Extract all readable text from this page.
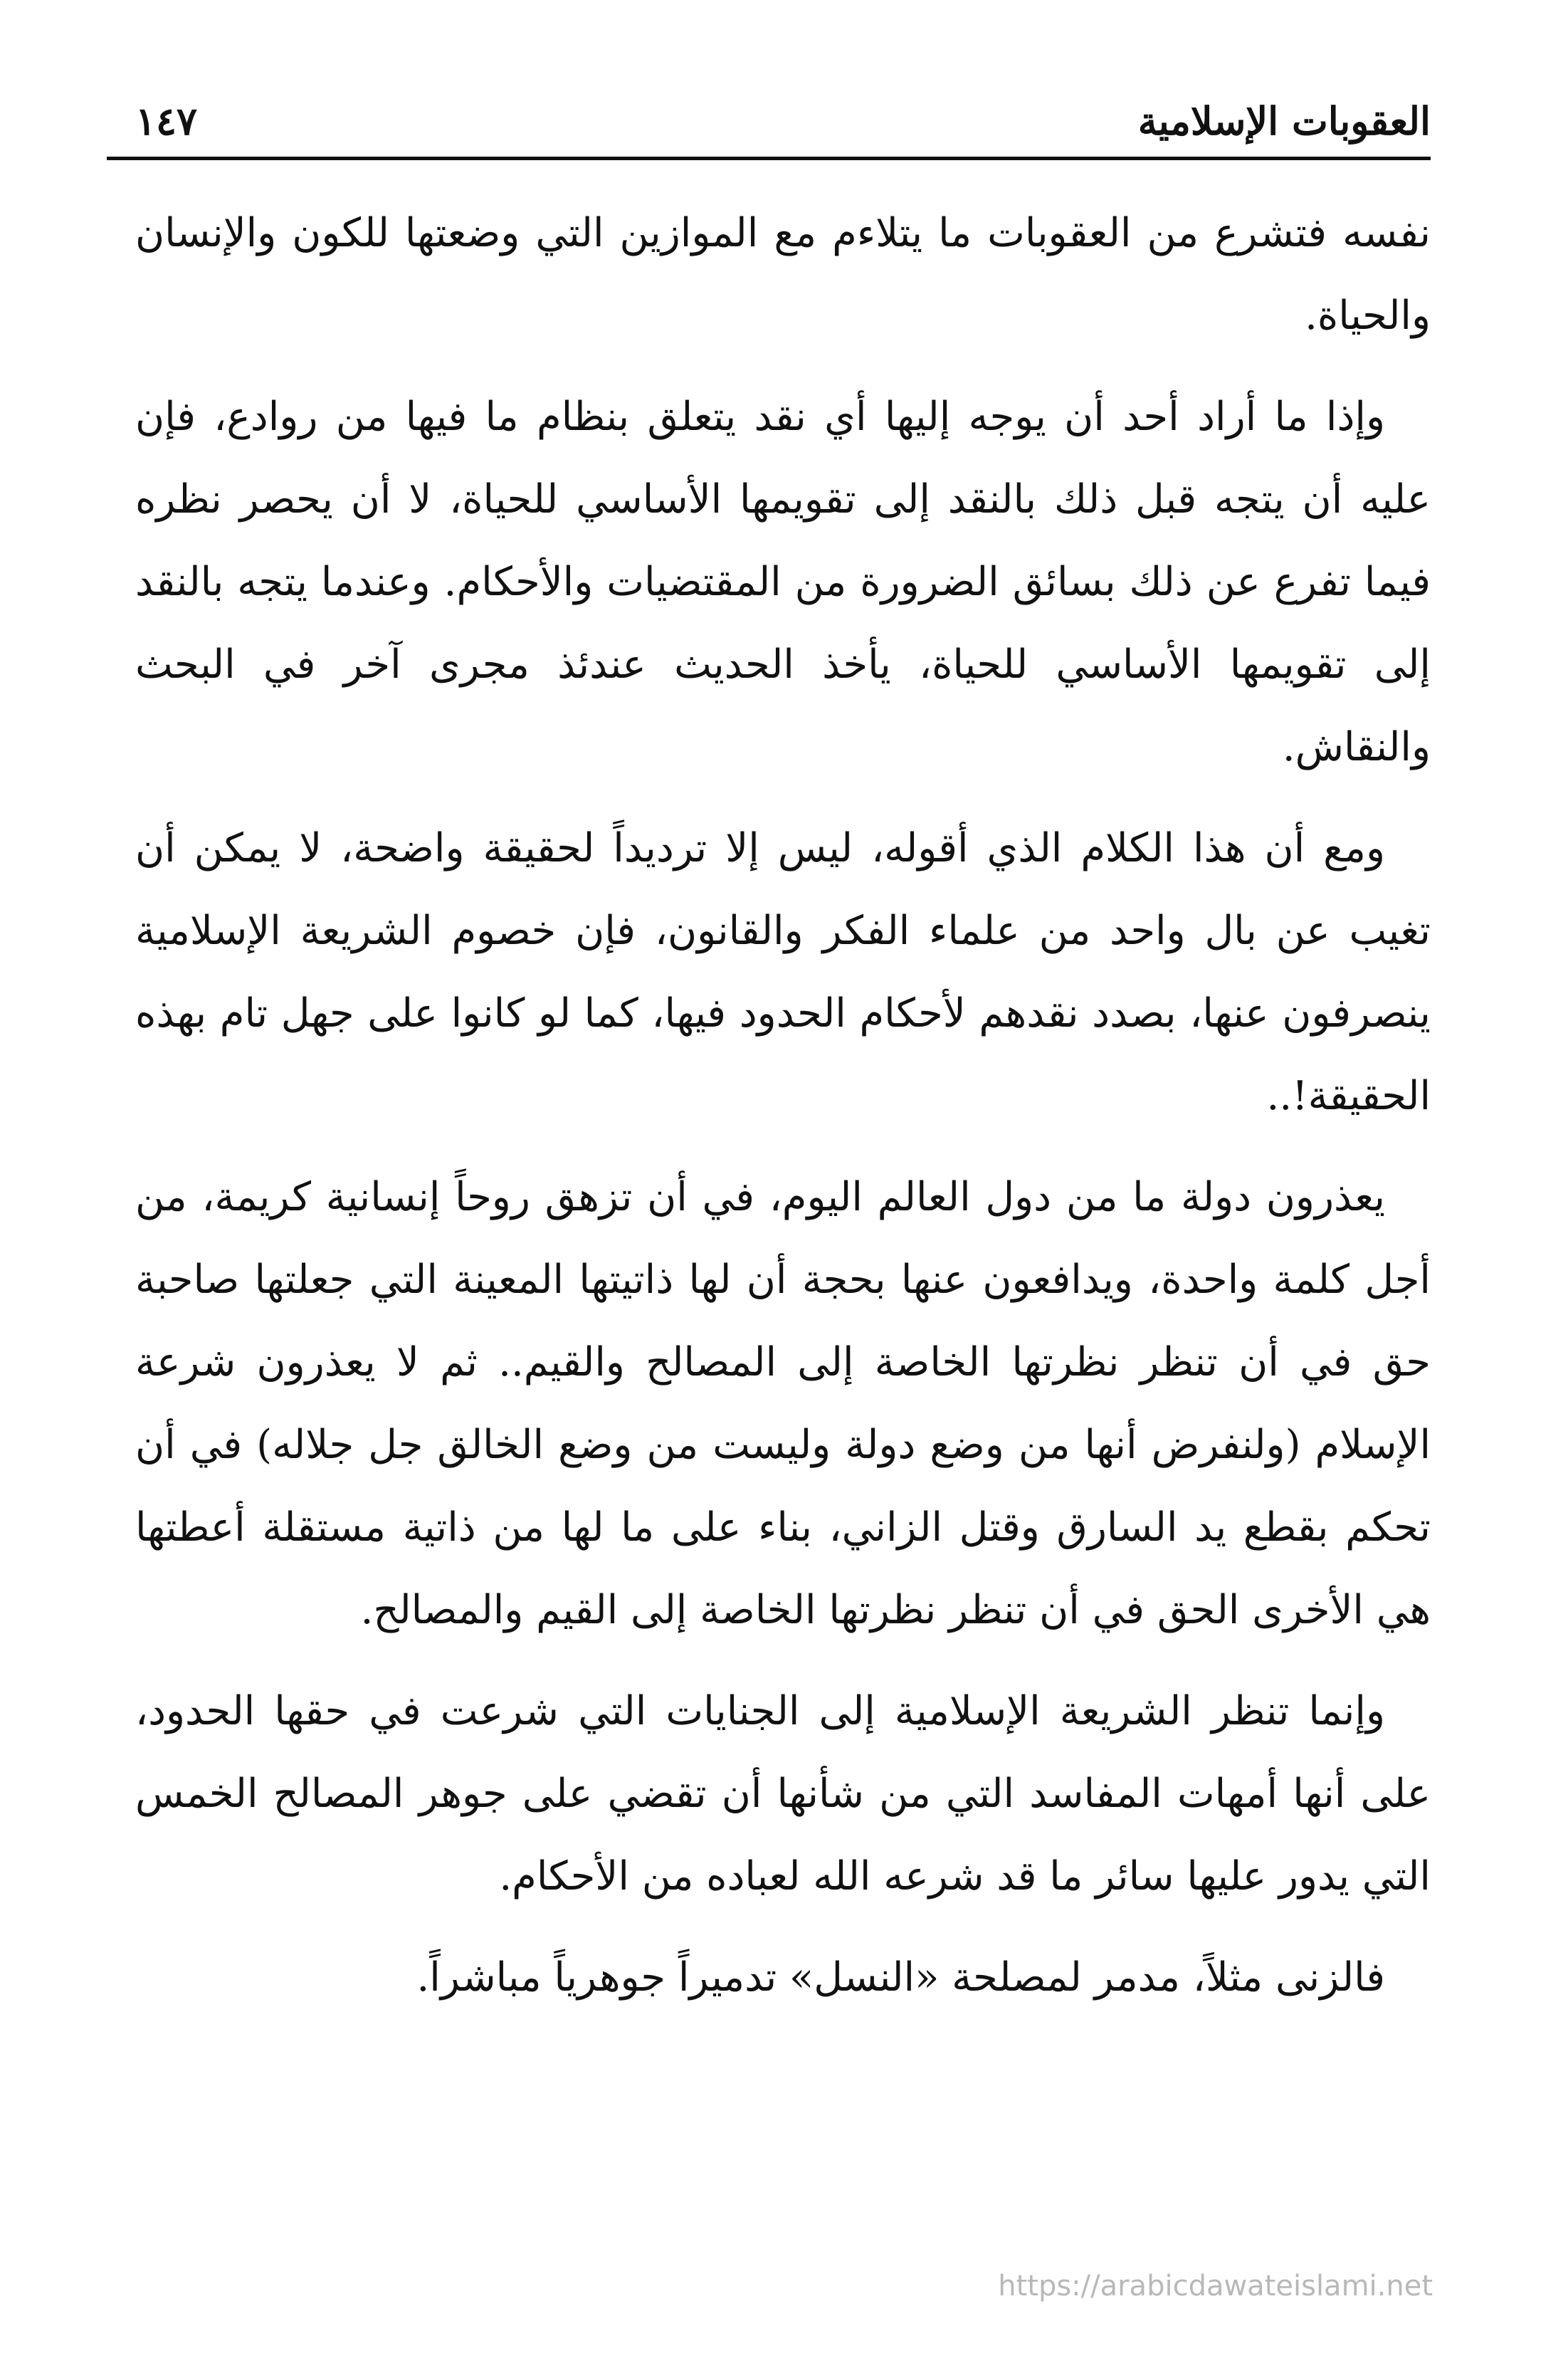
العقوبات الإسلامية
١٤٧

نفسه فتشرع من العقوبات ما يتلاءم مع الموازين التي وضعتها للكون والإنسان والحياة.

وإذا ما أراد أحد أن يوجه إليها أي نقد يتعلق بنظام ما فيها من روادع، فإن عليه أن يتجه قبل ذلك بالنقد إلى تقويمها الأساسي للحياة، لا أن يحصر نظره فيما تفرع عن ذلك بسائق الضرورة من المقتضيات والأحكام. وعندما يتجه بالنقد إلى تقويمها الأساسي للحياة، يأخذ الحديث عندئذ مجرى آخر في البحث والنقاش.

ومع أن هذا الكلام الذي أقوله، ليس إلا ترديداً لحقيقة واضحة، لا يمكن أن تغيب عن بال واحد من علماء الفكر والقانون، فإن خصوم الشريعة الإسلامية ينصرفون عنها، بصدد نقدهم لأحكام الحدود فيها، كما لو كانوا على جهل تام بهذه الحقيقة!..

يعذرون دولة ما من دول العالم اليوم، في أن تزهق روحاً إنسانية كريمة، من أجل كلمة واحدة، ويدافعون عنها بحجة أن لها ذاتيتها المعينة التي جعلتها صاحبة حق في أن تنظر نظرتها الخاصة إلى المصالح والقيم.. ثم لا يعذرون شرعة الإسلام (ولنفرض أنها من وضع دولة وليست من وضع الخالق جل جلاله) في أن تحكم بقطع يد السارق وقتل الزاني، بناء على ما لها من ذاتية مستقلة أعطتها هي الأخرى الحق في أن تنظر نظرتها الخاصة إلى القيم والمصالح.

وإنما تنظر الشريعة الإسلامية إلى الجنايات التي شرعت في حقها الحدود، على أنها أمهات المفاسد التي من شأنها أن تقضي على جوهر المصالح الخمس التي يدور عليها سائر ما قد شرعه الله لعباده من الأحكام.

فالزنى مثلاً، مدمر لمصلحة «النسل» تدميراً جوهرياً مباشراً.

https://arabicdawateislami.net
